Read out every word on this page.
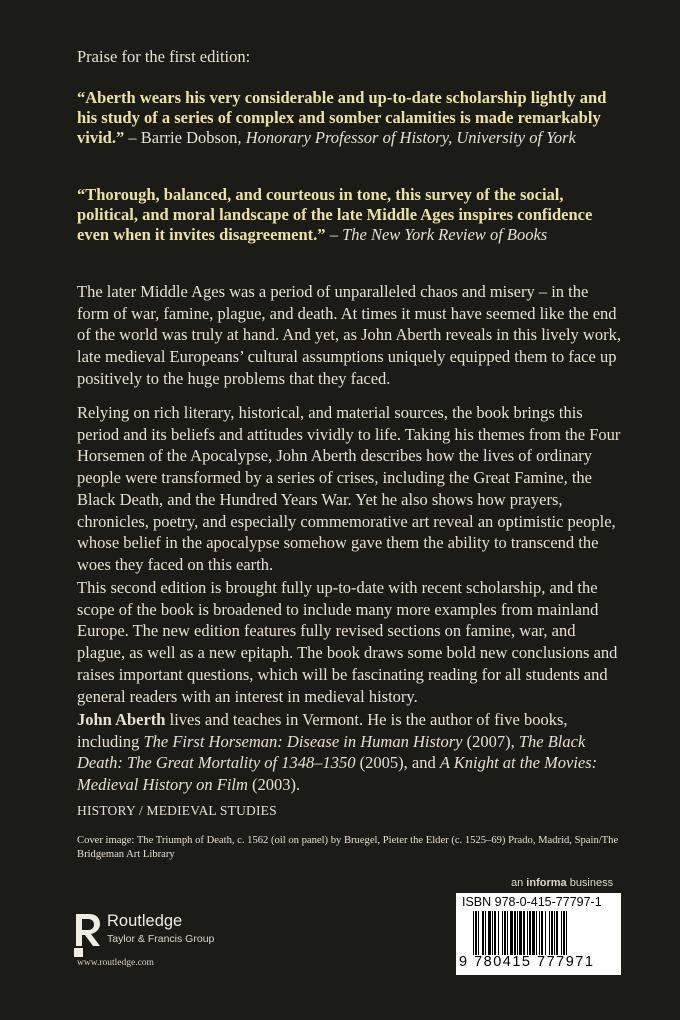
Praise for the first edition:
“Aberth wears his very considerable and up-to-date scholarship lightly and his study of a series of complex and somber calamities is made remarkably vivid.” – Barrie Dobson, Honorary Professor of History, University of York
“Thorough, balanced, and courteous in tone, this survey of the social, political, and moral landscape of the late Middle Ages inspires confidence even when it invites disagreement.” – The New York Review of Books
The later Middle Ages was a period of unparalleled chaos and misery – in the form of war, famine, plague, and death. At times it must have seemed like the end of the world was truly at hand. And yet, as John Aberth reveals in this lively work, late medieval Europeans’ cultural assumptions uniquely equipped them to face up positively to the huge problems that they faced.
Relying on rich literary, historical, and material sources, the book brings this period and its beliefs and attitudes vividly to life. Taking his themes from the Four Horsemen of the Apocalypse, John Aberth describes how the lives of ordinary people were transformed by a series of crises, including the Great Famine, the Black Death, and the Hundred Years War. Yet he also shows how prayers, chronicles, poetry, and especially commemorative art reveal an optimistic people, whose belief in the apocalypse somehow gave them the ability to transcend the woes they faced on this earth.
This second edition is brought fully up-to-date with recent scholarship, and the scope of the book is broadened to include many more examples from mainland Europe. The new edition features fully revised sections on famine, war, and plague, as well as a new epitaph. The book draws some bold new conclusions and raises important questions, which will be fascinating reading for all students and general readers with an interest in medieval history.
John Aberth lives and teaches in Vermont. He is the author of five books, including The First Horseman: Disease in Human History (2007), The Black Death: The Great Mortality of 1348–1350 (2005), and A Knight at the Movies: Medieval History on Film (2003).
HISTORY / MEDIEVAL STUDIES
Cover image: The Triumph of Death, c. 1562 (oil on panel) by Bruegel, Pieter the Elder (c. 1525–69) Prado, Madrid, Spain/The Bridgeman Art Library
an informa business
ISBN 978-0-415-77797-1
9 780415 777971
Routledge
Taylor & Francis Group
www.routledge.com
